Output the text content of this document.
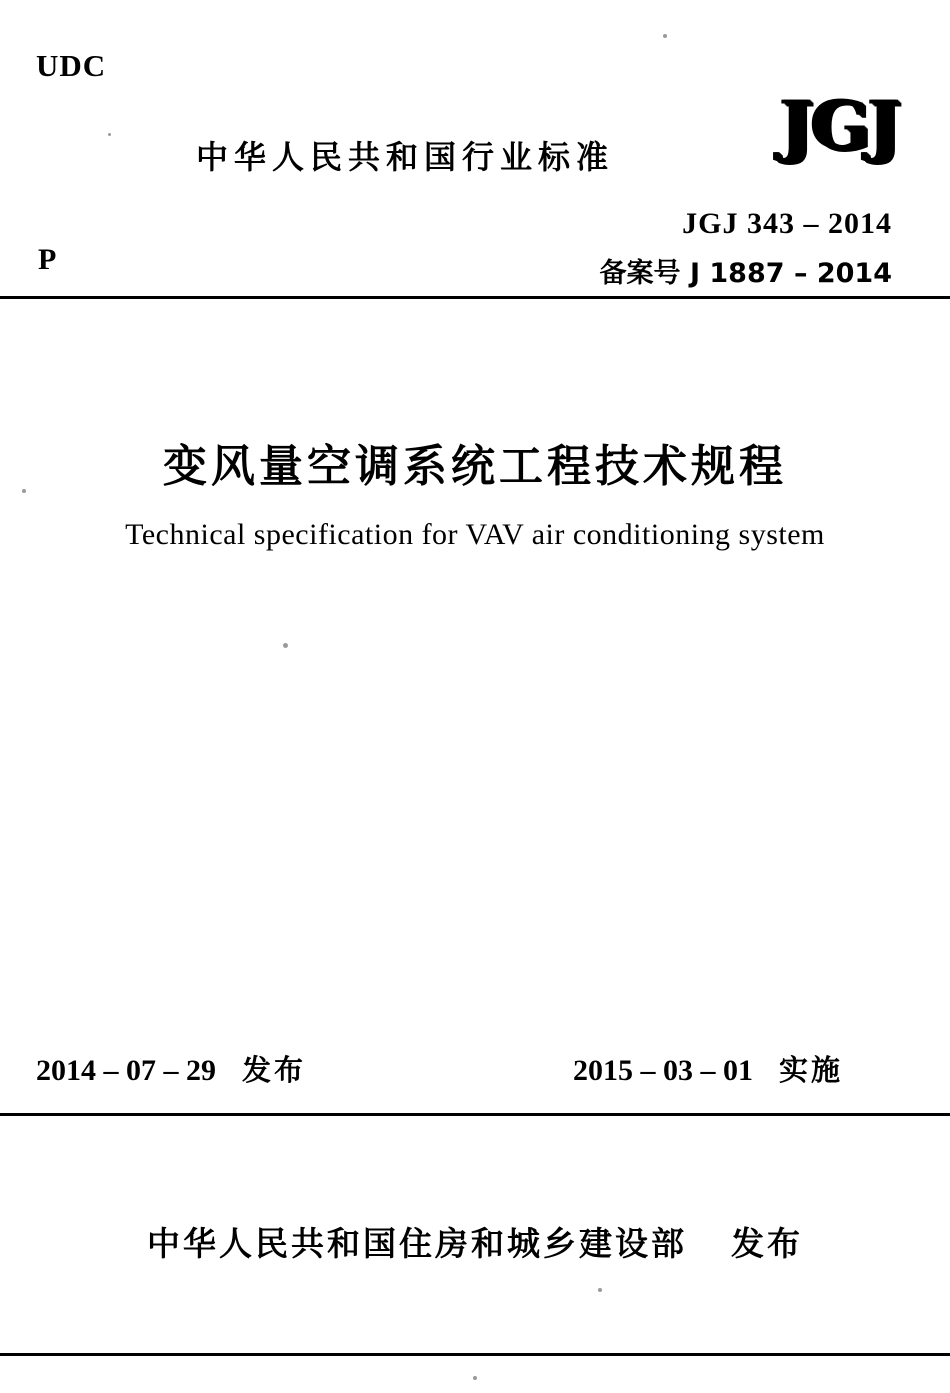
UDC
中华人民共和国行业标准 JGJ
JGJ 343 – 2014
备案号 J 1887 – 2014
P
变风量空调系统工程技术规程
Technical specification for VAV air conditioning system
2014 – 07 – 29 发布	2015 – 03 – 01 实施
中华人民共和国住房和城乡建设部 发布
